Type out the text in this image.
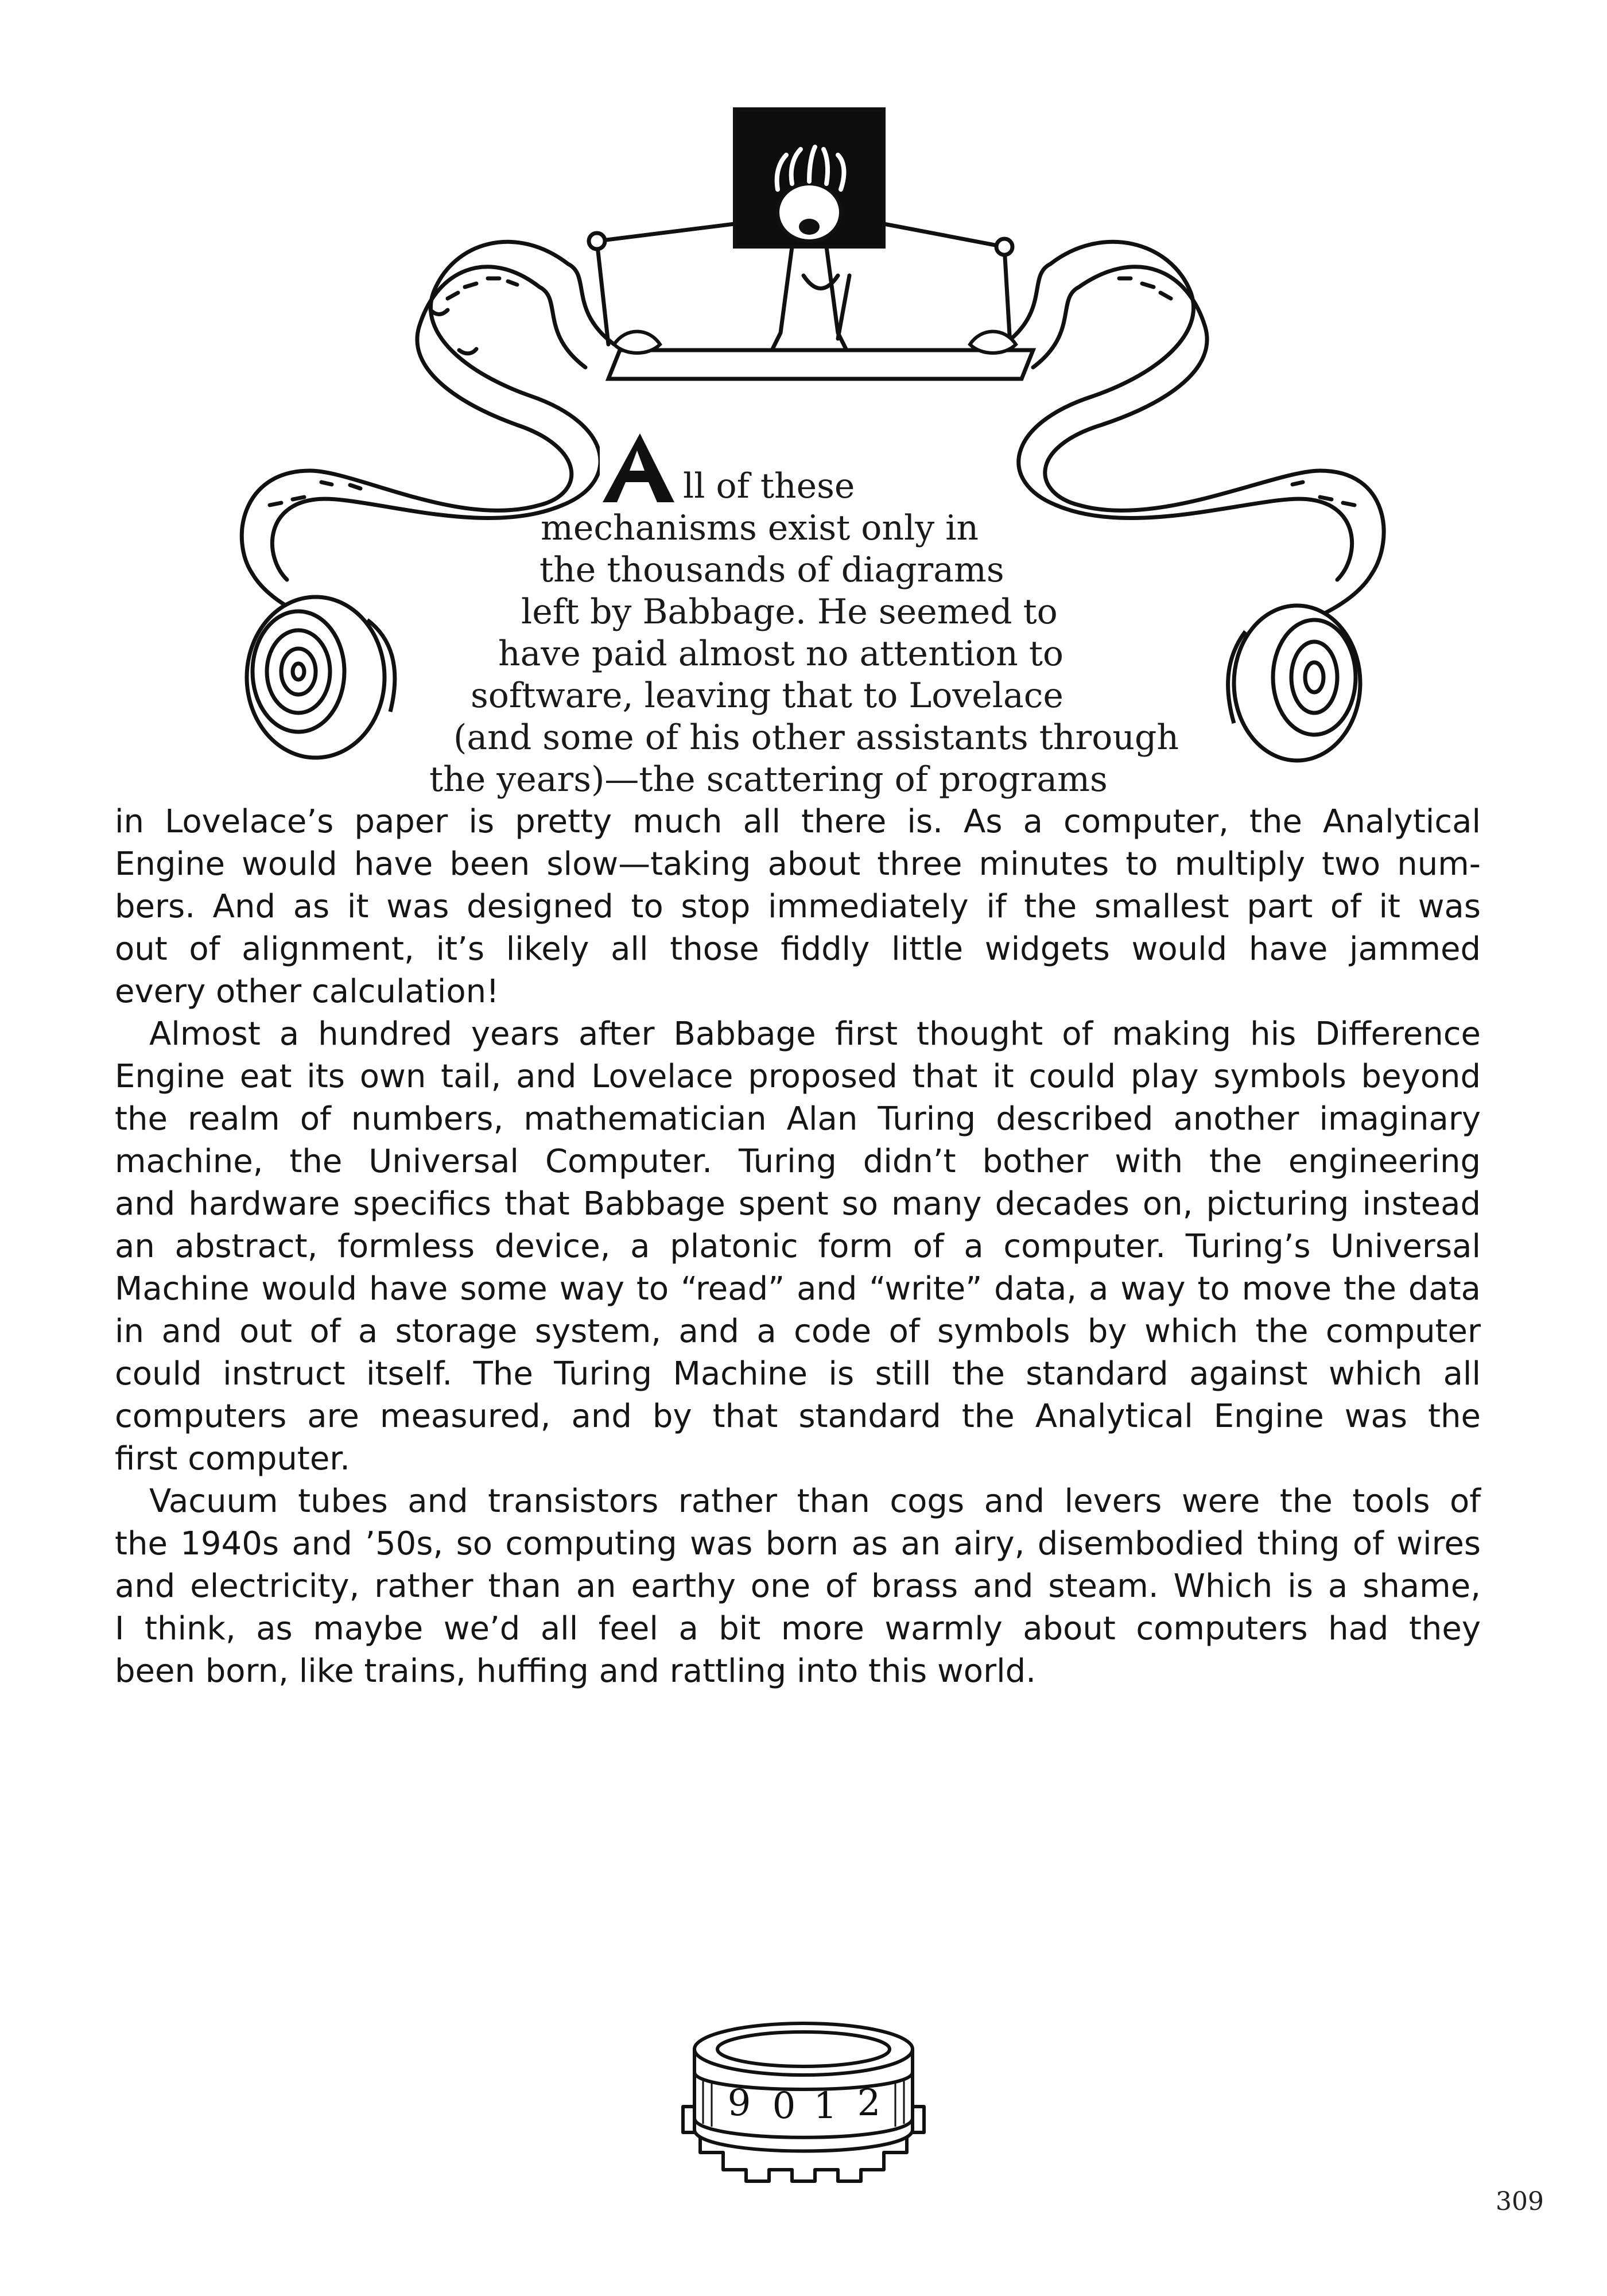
A ll of these
mechanisms exist only in
the thousands of diagrams
left by Babbage. He seemed to
have paid almost no attention to
software, leaving that to Lovelace
(and some of his other assistants through
the years)—the scattering of programs
in Lovelace’s paper is pretty much all there is. As a computer, the Analytical
Engine would have been slow—taking about three minutes to multiply two num-
bers. And as it was designed to stop immediately if the smallest part of it was
out of alignment, it’s likely all those fiddly little widgets would have jammed
every other calculation!
Almost a hundred years after Babbage first thought of making his Difference
Engine eat its own tail, and Lovelace proposed that it could play symbols beyond
the realm of numbers, mathematician Alan Turing described another imaginary
machine, the Universal Computer. Turing didn’t bother with the engineering
and hardware specifics that Babbage spent so many decades on, picturing instead
an abstract, formless device, a platonic form of a computer. Turing’s Universal
Machine would have some way to “read” and “write” data, a way to move the data
in and out of a storage system, and a code of symbols by which the computer
could instruct itself. The Turing Machine is still the standard against which all
computers are measured, and by that standard the Analytical Engine was the
first computer.
Vacuum tubes and transistors rather than cogs and levers were the tools of
the 1940s and ’50s, so computing was born as an airy, disembodied thing of wires
and electricity, rather than an earthy one of brass and steam. Which is a shame,
I think, as maybe we’d all feel a bit more warmly about computers had they
been born, like trains, huffing and rattling into this world.
9 0 1 2
309
